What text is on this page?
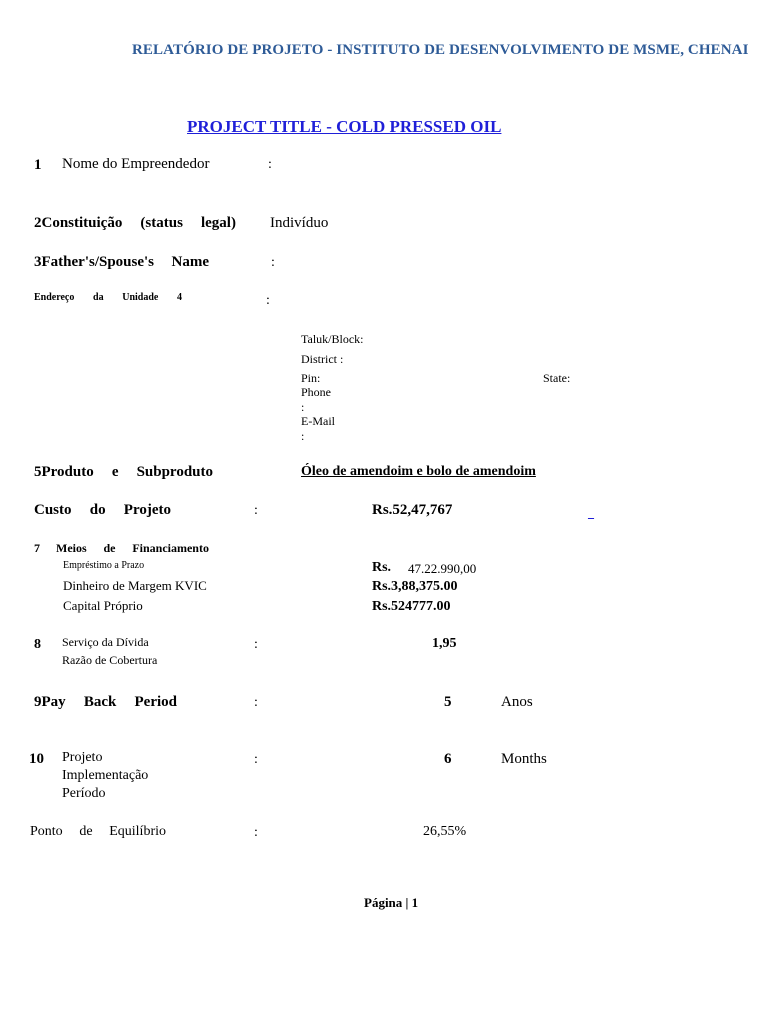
RELATÓRIO DE PROJETO - INSTITUTO DE DESENVOLVIMENTO DE MSME, CHENAI
PROJECT TITLE - COLD PRESSED OIL
1 Nome do Empreendedor	:
2Constituição (status legal) Indivíduo
3Father's/Spouse's Name	:
Endereço da Unidade 4	:
Taluk/Block:
District :
Pin:	State:
Phone
:
E-Mail
:
5Produto e Subproduto	Óleo de amendoim e bolo de amendoim
Custo do Projeto	:	Rs.52,47,767	_
7 Meios de Financiamento
Empréstimo a Prazo	Rs. 47.22.990,00
Dinheiro de Margem KVIC	Rs.3,88,375.00
Capital Próprio	Rs.524777.00
8 Serviço da Dívida
Razão de Cobertura
:	1,95
9Pay Back Period	:	5	Anos
10 Projeto
Implementação
Período
:	6	Months
Ponto de Equilíbrio	:	26,55%
Página | 1
